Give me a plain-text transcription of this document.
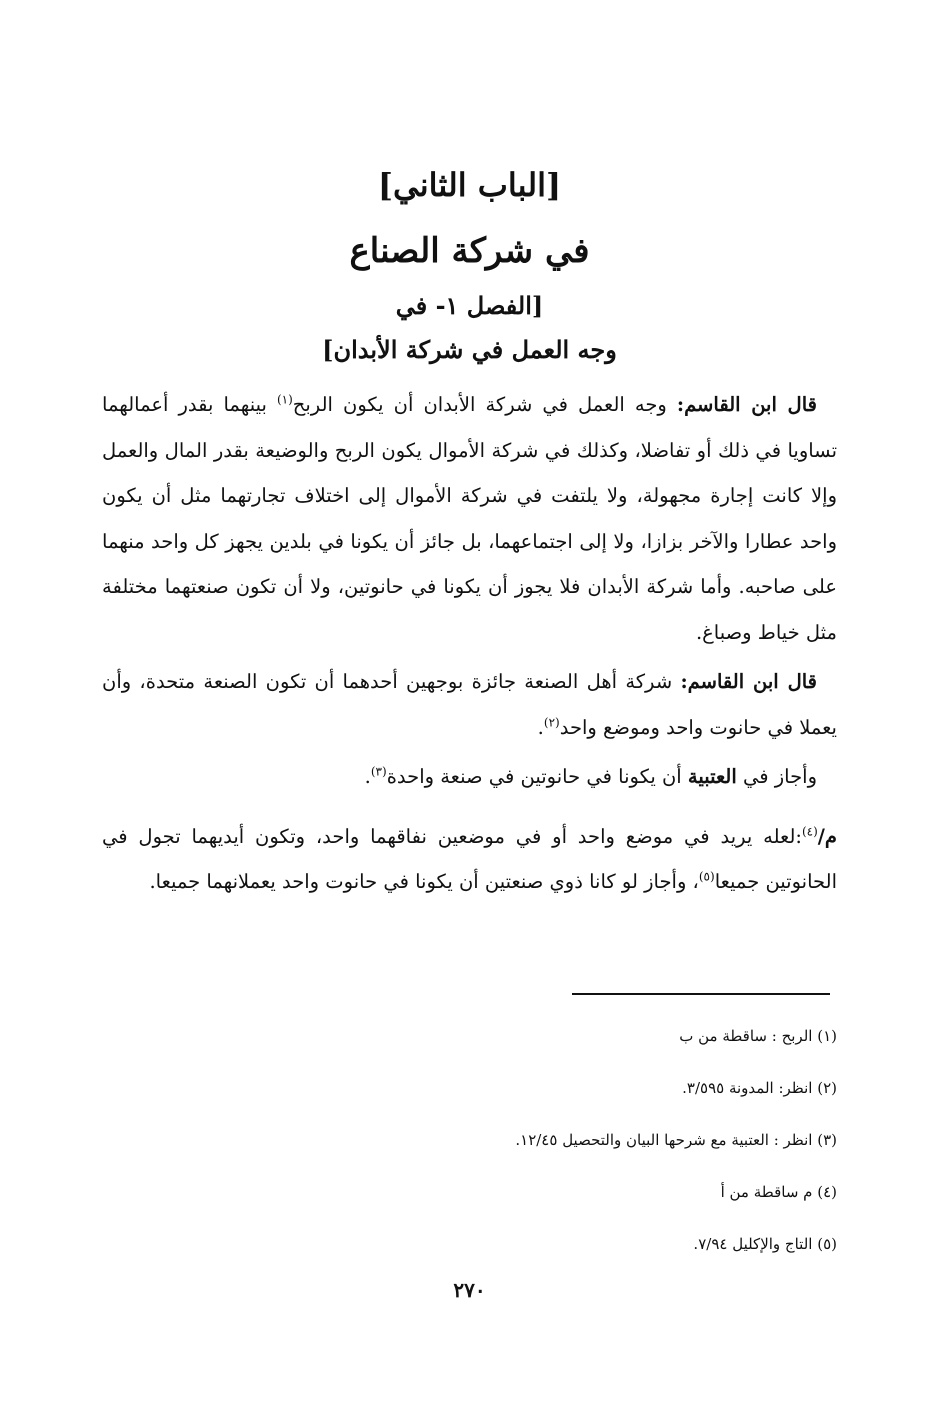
[الباب الثاني]
في شركة الصناع
[الفصل ١- في
وجه العمل في شركة الأبدان]

قال ابن القاسم: وجه العمل في شركة الأبدان أن يكون الربح$^{(١)}$ بينهما بقدر أعمالهما تساويا في ذلك أو تفاضلا، وكذلك في شركة الأموال يكون الربح والوضيعة بقدر المال والعمل وإلا كانت إجارة مجهولة، ولا يلتفت في شركة الأموال إلى اختلاف تجارتهما مثل أن يكون واحد عطارا والآخر بزازا، ولا إلى اجتماعهما، بل جائز أن يكونا في بلدين يجهز كل واحد منهما على صاحبه. وأما شركة الأبدان فلا يجوز أن يكونا في حانوتين، ولا أن تكون صنعتهما مختلفة مثل خياط وصباغ.

قال ابن القاسم: شركة أهل الصنعة جائزة بوجهين أحدهما أن تكون الصنعة متحدة، وأن يعملا في حانوت واحد وموضع واحد$^{(٢)}$.

وأجاز في العتبية أن يكونا في حانوتين في صنعة واحدة$^{(٣)}$.

م/$^{(٤)}$:لعله يريد في موضع واحد أو في موضعين نفاقهما واحد، وتكون أيديهما تجول في الحانوتين جميعا$^{(٥)}$، وأجاز لو كانا ذوي صنعتين أن يكونا في حانوت واحد يعملانهما جميعا.

(١) الربح : ساقطة من ب
(٢) انظر: المدونة ٣/٥٩٥.
(٣) انظر : العتبية مع شرحها البيان والتحصيل ١٢/٤٥.
(٤) م ساقطة من أ
(٥) التاج والإكليل ٧/٩٤.
٢٧٠
